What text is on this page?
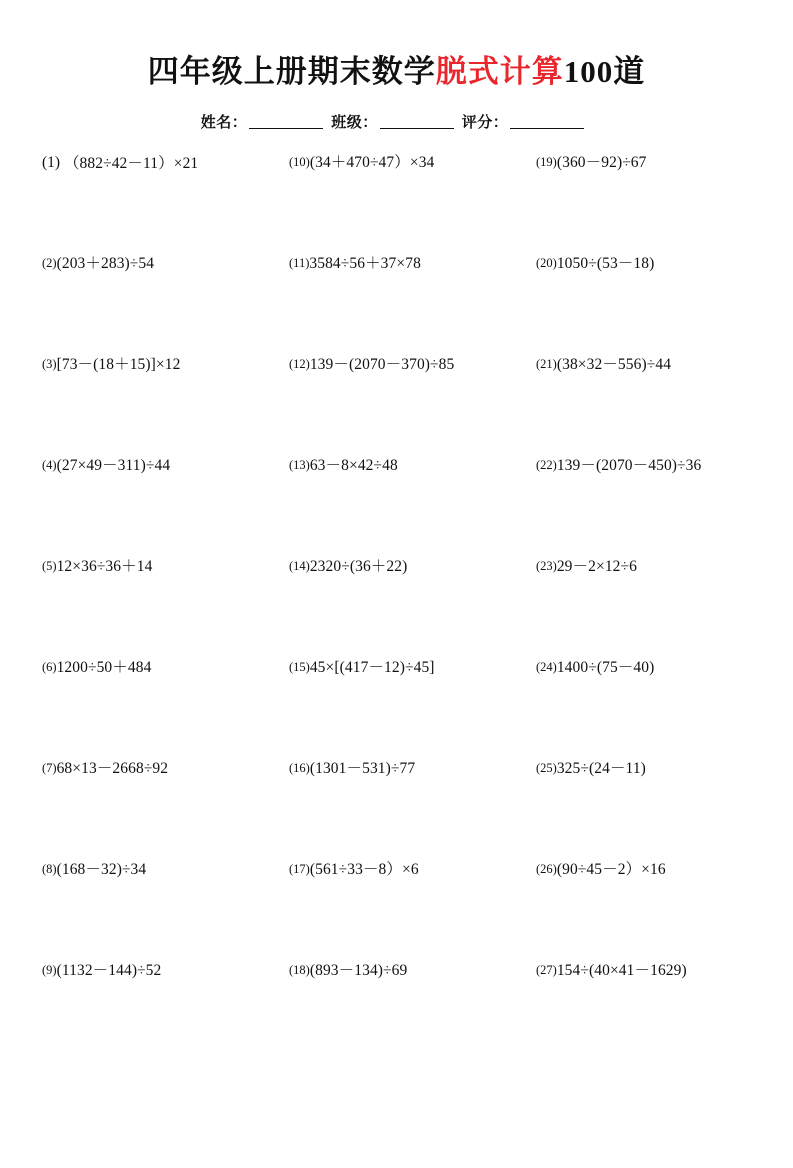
四年级上册期末数学脱式计算100道
姓名：	班级：	评分：
(1) （882÷42－11）×21	(10)(34＋470÷47）×34	(19)(360－92)÷67
(2)(203＋283)÷54	(11)3584÷56＋37×78	(20)1050÷(53－18)
(3)[73－(18＋15)]×12	(12)139－(2070－370)÷85	(21)(38×32－556)÷44
(4)(27×49－311)÷44	(13)63－8×42÷48	(22)139－(2070－450)÷36
(5)12×36÷36＋14	(14)2320÷(36＋22)	(23)29－2×12÷6
(6)1200÷50＋484	(15)45×[(417－12)÷45]	(24)1400÷(75－40)
(7)68×13－2668÷92	(16)(1301－531)÷77	(25)325÷(24－11)
(8)(168－32)÷34	(17)(561÷33－8）×6	(26)(90÷45－2）×16
(9)(1132－144)÷52	(18)(893－134)÷69	(27)154÷(40×41－1629)
